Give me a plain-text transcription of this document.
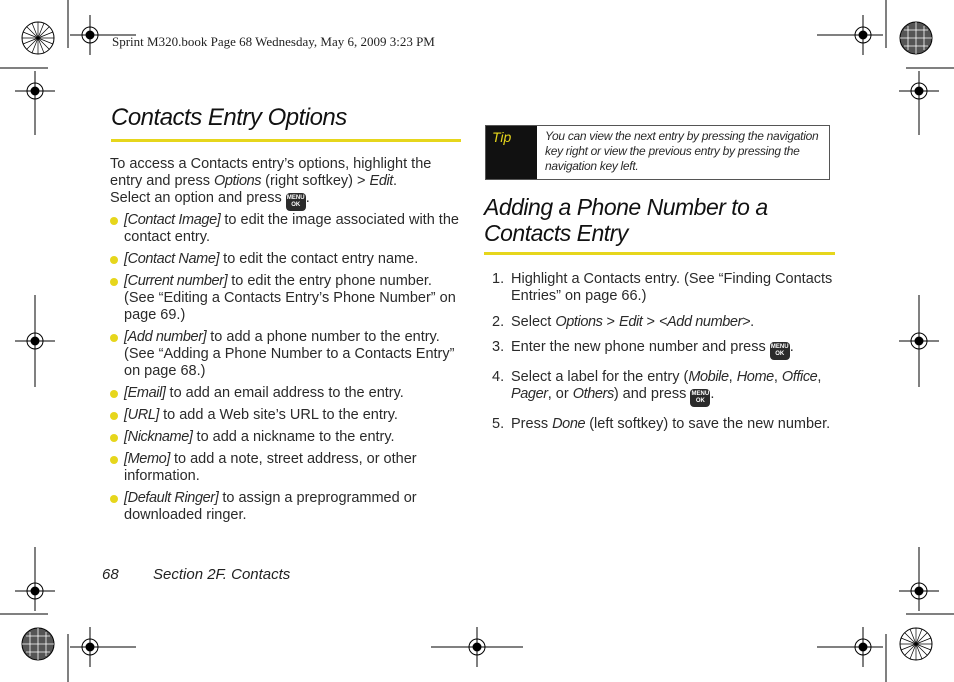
Sprint M320.book Page 68 Wednesday, May 6, 2009 3:23 PM
Contacts Entry Options
To access a Contacts entry’s options, highlight the entry and press Options (right softkey) > Edit.
Select an option and press MENU
OK .
[Contact Image] to edit the image associated with the contact entry.
[Contact Name] to edit the contact entry name.
[Current number] to edit the entry phone number. (See “Editing a Contacts Entry’s Phone Number” on page 69.)
[Add number] to add a phone number to the entry. (See “Adding a Phone Number to a Contacts Entry” on page 68.)
[Email] to add an email address to the entry.
[URL] to add a Web site’s URL to the entry.
[Nickname] to add a nickname to the entry.
[Memo] to add a note, street address, or other information.
[Default Ringer] to assign a preprogrammed or downloaded ringer.
Tip	You can view the next entry by pressing the navigation key right or view the previous entry by pressing the navigation key left.
Adding a Phone Number to a
Contacts Entry
1. Highlight a Contacts entry. (See “Finding Contacts Entries” on page 66.)
2. Select Options > Edit > <Add number>.
3. Enter the new phone number and press MENU
OK .
4. Select a label for the entry (Mobile, Home, Office, Pager, or Others) and press MENU
OK .
5. Press Done (left softkey) to save the new number.
68 Section 2F. Contacts
